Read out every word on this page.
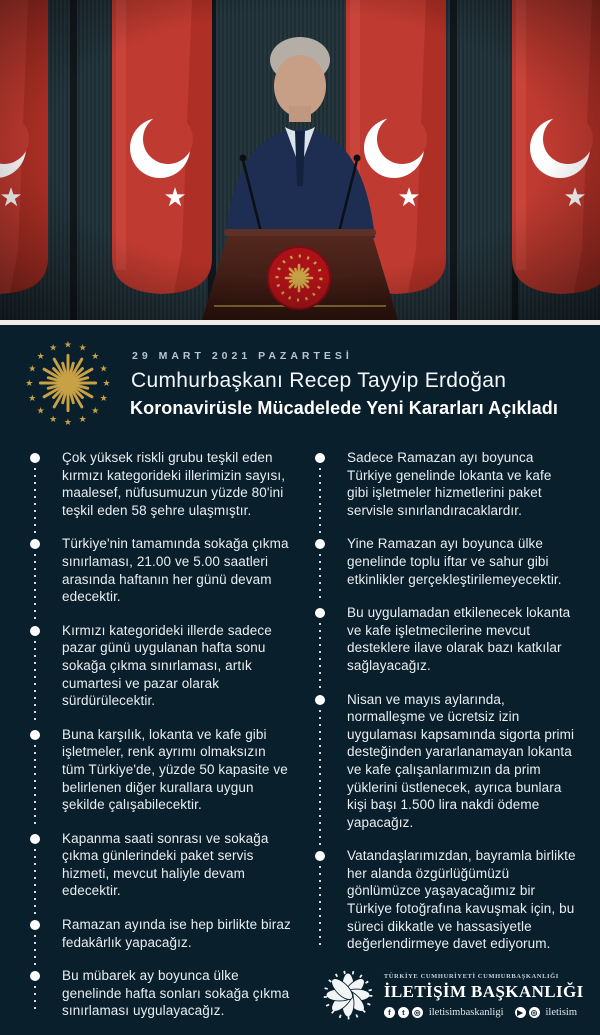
★ ★
★
★
★
★
★
★
★
★
★
★
★
★
★
★
29 MART 2021 PAZARTESİ
Cumhurbaşkanı Recep Tayyip Erdoğan
Koronavirüsle Mücadelede Yeni Kararları Açıkladı
Çok yüksek riskli grubu teşkil eden kırmızı kategorideki illerimizin sayısı, maalesef, nüfusumuzun yüzde 80'ini teşkil eden 58 şehre ulaşmıştır.
Türkiye'nin tamamında sokağa çıkma sınırlaması, 21.00 ve 5.00 saatleri arasında haftanın her günü devam edecektir.
Kırmızı kategorideki illerde sadece pazar günü uygulanan hafta sonu sokağa çıkma sınırlaması, artık cumartesi ve pazar olarak sürdürülecektir.
Buna karşılık, lokanta ve kafe gibi işletmeler, renk ayrımı olmaksızın tüm Türkiye'de, yüzde 50 kapasite ve belirlenen diğer kurallara uygun şekilde çalışabilecektir.
Kapanma saati sonrası ve sokağa çıkma günlerindeki paket servis hizmeti, mevcut haliyle devam edecektir.
Ramazan ayında ise hep birlikte biraz fedakârlık yapacağız.
Bu mübarek ay boyunca ülke genelinde hafta sonları sokağa çıkma sınırlaması uygulayacağız.
Sadece Ramazan ayı boyunca Türkiye genelinde lokanta ve kafe gibi işletmeler hizmetlerini paket servisle sınırlandıracaklardır.
Yine Ramazan ayı boyunca ülke genelinde toplu iftar ve sahur gibi etkinlikler gerçekleştirilemeyecektir.
Bu uygulamadan etkilenecek lokanta ve kafe işletmecilerine mevcut desteklere ilave olarak bazı katkılar sağlayacağız.
Nisan ve mayıs aylarında, normalleşme ve ücretsiz izin uygulaması kapsamında sigorta primi desteğinden yararlanamayan lokanta ve kafe çalışanlarımızın da prim yüklerini üstlenecek, ayrıca bunlara kişi başı 1.500 lira nakdi ödeme yapacağız.
Vatandaşlarımızdan, bayramla birlikte her alanda özgürlüğümüzü gönlümüzce yaşayacağımız bir Türkiye fotoğrafına kavuşmak için, bu süreci dikkatle ve hassasiyetle değerlendirmeye davet ediyorum.
TÜRKİYE CUMHURİYETİ CUMHURBAŞKANLIĞI
İLETİŞİM BAŞKANLIĞI
f	t	◎ iletisimbaskanligi	▶	◎ iletisim
